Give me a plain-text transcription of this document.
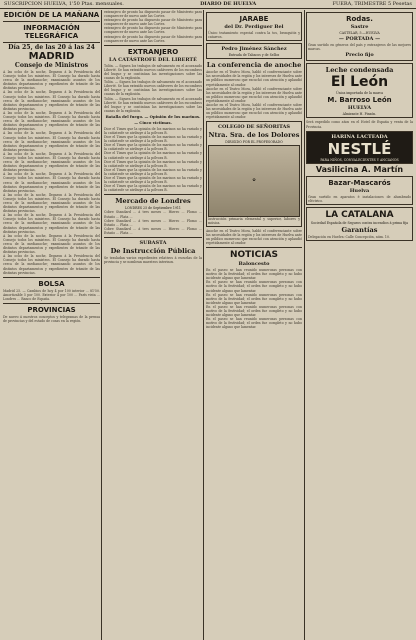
SUSCRIPCION HUELVA, 1'50 Ptas. mensuales.	DIARIO DE HUELVA	FUERA, TRIMESTRE 5 Pesetas
EDICIÓN DE LA MAÑANA
INFORMACIÓN TELEGRÁFICA
Día 25, de las 20 á las 24
MADRID
Consejo de Ministros
A las ocho de la noche, llegaron á la Presidencia del Consejo todos los ministros. El Consejo ha durado hasta cerca de la medianoche; examinando asuntos de los distintos departamentos y expedientes de trámite de las distintas provincias.
A las ocho de la noche, llegaron á la Presidencia del Consejo todos los ministros. El Consejo ha durado hasta cerca de la medianoche; examinando asuntos de los distintos departamentos y expedientes de trámite de las distintas provincias.
A las ocho de la noche, llegaron á la Presidencia del Consejo todos los ministros. El Consejo ha durado hasta cerca de la medianoche; examinando asuntos de los distintos departamentos y expedientes de trámite de las distintas provincias.
A las ocho de la noche, llegaron á la Presidencia del Consejo todos los ministros. El Consejo ha durado hasta cerca de la medianoche; examinando asuntos de los distintos departamentos y expedientes de trámite de las distintas provincias.
A las ocho de la noche, llegaron á la Presidencia del Consejo todos los ministros. El Consejo ha durado hasta cerca de la medianoche; examinando asuntos de los distintos departamentos y expedientes de trámite de las distintas provincias.
A las ocho de la noche, llegaron á la Presidencia del Consejo todos los ministros. El Consejo ha durado hasta cerca de la medianoche; examinando asuntos de los distintos departamentos y expedientes de trámite de las distintas provincias.
A las ocho de la noche, llegaron á la Presidencia del Consejo todos los ministros. El Consejo ha durado hasta cerca de la medianoche; examinando asuntos de los distintos departamentos y expedientes de trámite de las distintas provincias.
A las ocho de la noche, llegaron á la Presidencia del Consejo todos los ministros. El Consejo ha durado hasta cerca de la medianoche; examinando asuntos de los distintos departamentos y expedientes de trámite de las distintas provincias.
A las ocho de la noche, llegaron á la Presidencia del Consejo todos los ministros. El Consejo ha durado hasta cerca de la medianoche; examinando asuntos de los distintos departamentos y expedientes de trámite de las distintas provincias.
A las ocho de la noche, llegaron á la Presidencia del Consejo todos los ministros. El Consejo ha durado hasta cerca de la medianoche; examinando asuntos de los distintos departamentos y expedientes de trámite de las distintas provincias.
BOLSA
Madrid 25. — Cambios de hoy 4 por 100 interior ... 81'50. Amortizable 5 por 100. Exterior 4 por 100 ... París vista ... Londres ... Banco de España.
PROVINCIAS
De nuevo á nuestros conceptos y telegramas de la prensa de provincias y del estado de cosas en la región.
extranjero de pronto ha dispuesto pasar de Ministerio para comparecer de nuevo ante las Cortes.
extranjero de pronto ha dispuesto pasar de Ministerio para comparecer de nuevo ante las Cortes.
extranjero de pronto ha dispuesto pasar de Ministerio para comparecer de nuevo ante las Cortes.
extranjero de pronto ha dispuesto pasar de Ministerio para comparecer de nuevo ante las Cortes.
EXTRANJERO
LA CATÁSTROFE DEL LIBERTÉ
Tolón. — Siguen los trabajos de salvamento en el acorazado Liberté. Se han extraído nuevos cadáveres de los escombros del buque y se continúan las investigaciones sobre las causas de la explosión.
Tolón. — Siguen los trabajos de salvamento en el acorazado Liberté. Se han extraído nuevos cadáveres de los escombros del buque y se continúan las investigaciones sobre las causas de la explosión.
Tolón. — Siguen los trabajos de salvamento en el acorazado Liberté. Se han extraído nuevos cadáveres de los escombros del buque y se continúan las investigaciones sobre las causas de la explosión.
Batalla del fuego. — Opinión de los marinos. — Cinco víctimas.
Dice el Times que la opinión de los marinos no ha variado y la catástrofe se atribuye á la pólvora B.
Dice el Times que la opinión de los marinos no ha variado y la catástrofe se atribuye á la pólvora B.
Dice el Times que la opinión de los marinos no ha variado y la catástrofe se atribuye á la pólvora B.
Dice el Times que la opinión de los marinos no ha variado y la catástrofe se atribuye á la pólvora B.
Dice el Times que la opinión de los marinos no ha variado y la catástrofe se atribuye á la pólvora B.
Dice el Times que la opinión de los marinos no ha variado y la catástrofe se atribuye á la pólvora B.
Dice el Times que la opinión de los marinos no ha variado y la catástrofe se atribuye á la pólvora B.
Dice el Times que la opinión de los marinos no ha variado y la catástrofe se atribuye á la pólvora B.
Mercado de Londres
LONDRES 25 de Septiembre 1911
Cobre Standard ... á tres meses ... Hierro ... Plomo ... Estaño ... Plata ...
Cobre Standard ... á tres meses ... Hierro ... Plomo ... Estaño ... Plata ...
Cobre Standard ... á tres meses ... Hierro ... Plomo ... Estaño ... Plata ...
SUBASTA
De Instrucción Pública
Se trasladan varios expedientes relativos á escuelas de la provincia y se nombran maestros interinos.
JARABE
del Dr. Perdiguer Bel
Único tratamiento especial contra la tos, bronquitis y catarros.
Pedro Jiménez Sánchez
Entrada de Tabacos y de Sellos
La conferencia de anoche
Anoche en el Teatro Mora, habló el conferenciante sobre las necesidades de la región y los intereses de Huelva ante un público numeroso que escuchó con atención y aplaudió repetidamente al orador.
Anoche en el Teatro Mora, habló el conferenciante sobre las necesidades de la región y los intereses de Huelva ante un público numeroso que escuchó con atención y aplaudió repetidamente al orador.
Anoche en el Teatro Mora, habló el conferenciante sobre las necesidades de la región y los intereses de Huelva ante un público numeroso que escuchó con atención y aplaudió repetidamente al orador.
COLEGIO DE SEÑORITAS
Ntra. Sra. de los Dolores
DIRIGIDO POR EL PROFESORADO
✿
Instrucción primaria elemental y superior, labores y música.
Anoche en el Teatro Mora, habló el conferenciante sobre las necesidades de la región y los intereses de Huelva ante un público numeroso que escuchó con atención y aplaudió repetidamente al orador.
NOTICIAS
Baloncesto
En el paseo se han reunido numerosas personas con motivo de la festividad; el orden fue completo y no hubo incidente alguno que lamentar.
En el paseo se han reunido numerosas personas con motivo de la festividad; el orden fue completo y no hubo incidente alguno que lamentar.
En el paseo se han reunido numerosas personas con motivo de la festividad; el orden fue completo y no hubo incidente alguno que lamentar.
En el paseo se han reunido numerosas personas con motivo de la festividad; el orden fue completo y no hubo incidente alguno que lamentar.
En el paseo se han reunido numerosas personas con motivo de la festividad; el orden fue completo y no hubo incidente alguno que lamentar.
Rodas.
Sastre
CASTELAR, 5.—HUELVA
— PORTADA —
Gran surtido en géneros del país y extranjeros de las mejores marcas.
Precio fijo
Leche condensada
El León
Única importada de la marca
M. Barroso León
HUELVA
Almirante H. Pinzón.
Será expedido como años en el Hotel de España y venta de la Provincia.
HARINA LACTEADA
NESTLÉ
PARA NIÑOS, CONVALECIENTES Y ANCIANOS
Vasilicina A. Martín
Bazar-Mascarós
Huelva
Gran surtido en aparatos é instalaciones de alumbrado eléctrico.
LA CATALANA
Sociedad Española de Seguros contra incendios á prima fija
Garantías
Delegación en Huelva: Calle Concepción, núm. 10.
